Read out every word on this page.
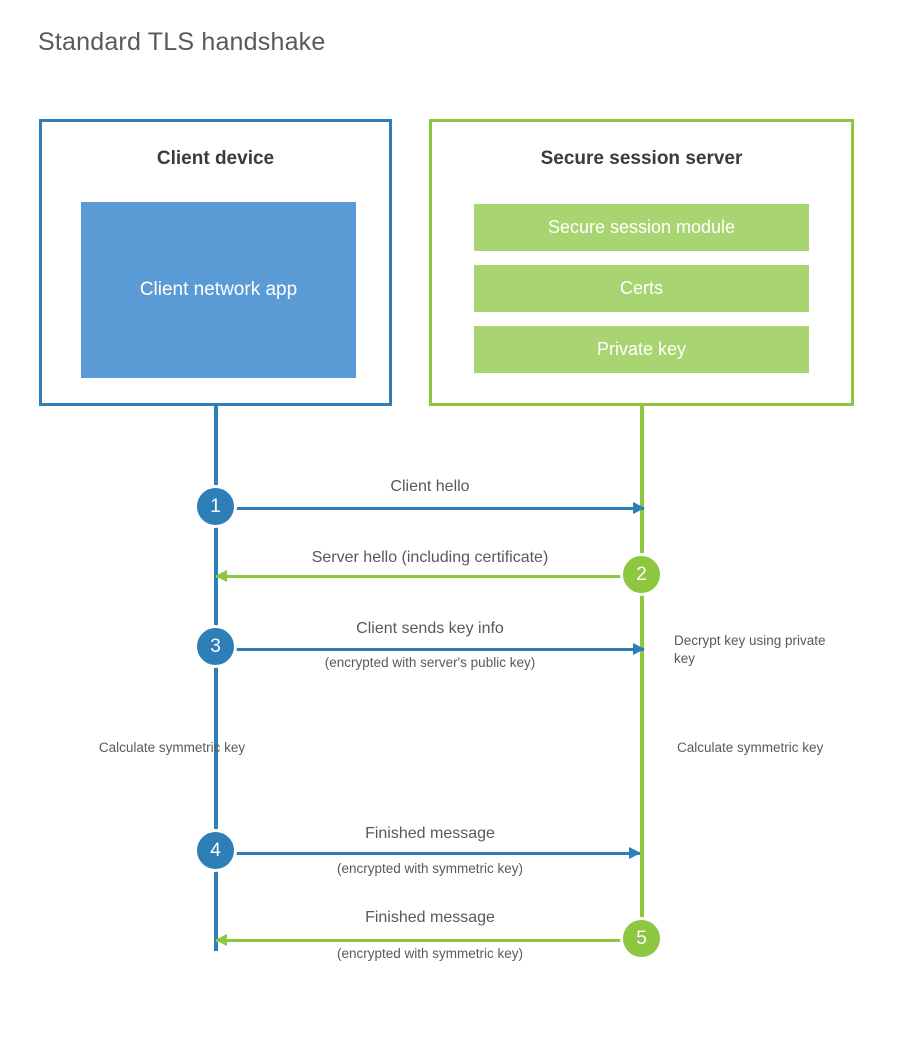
Standard TLS handshake
Client device
Client network app
Secure session server
Secure session module
Certs
Private key
Client hello
Server hello (including certificate)
Client sends key info
(encrypted with server's public key)
Finished message
(encrypted with symmetric key)
Finished message
(encrypted with symmetric key)
1
2
3
4
5
Decrypt key using private key
Calculate symmetric key	Calculate symmetric key
